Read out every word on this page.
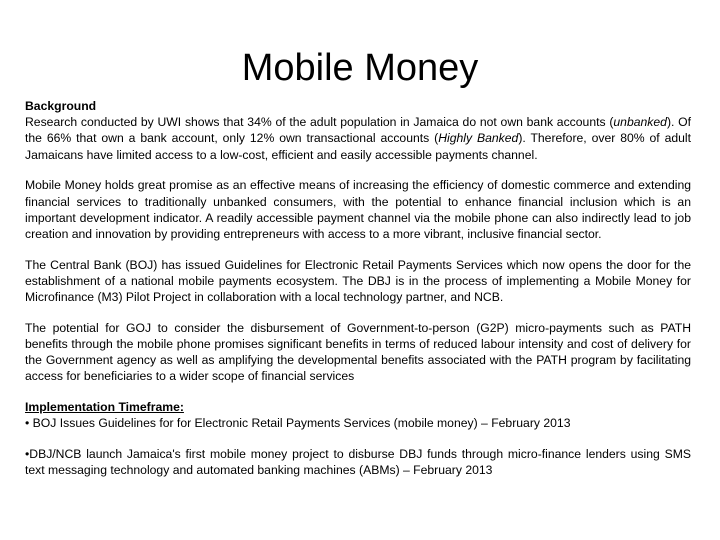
Mobile Money

Background
Research conducted by UWI shows that 34% of the adult population in Jamaica do not own bank accounts (unbanked). Of the 66% that own a bank account, only 12% own transactional accounts (Highly Banked). Therefore, over 80% of adult Jamaicans have limited access to a low-cost, efficient and easily accessible payments channel.

Mobile Money holds great promise as an effective means of increasing the efficiency of domestic commerce and extending financial services to traditionally unbanked consumers, with the potential to enhance financial inclusion which is an important development indicator. A readily accessible payment channel via the mobile phone can also indirectly lead to job creation and innovation by providing entrepreneurs with access to a more vibrant, inclusive financial sector.

The Central Bank (BOJ) has issued Guidelines for Electronic Retail Payments Services which now opens the door for the establishment of a national mobile payments ecosystem. The DBJ is in the process of implementing a Mobile Money for Microfinance (M3) Pilot Project in collaboration with a local technology partner, and NCB.

The potential for GOJ to consider the disbursement of Government-to-person (G2P) micro-payments such as PATH benefits through the mobile phone promises significant benefits in terms of reduced labour intensity and cost of delivery for the Government agency as well as amplifying the developmental benefits associated with the PATH program by facilitating access for beneficiaries to a wider scope of financial services

Implementation Timeframe:
• BOJ Issues Guidelines for for Electronic Retail Payments Services (mobile money) – February 2013

•DBJ/NCB launch Jamaica's first mobile money project to disburse DBJ funds through micro-finance lenders using SMS text messaging technology and automated banking machines (ABMs) – February 2013
